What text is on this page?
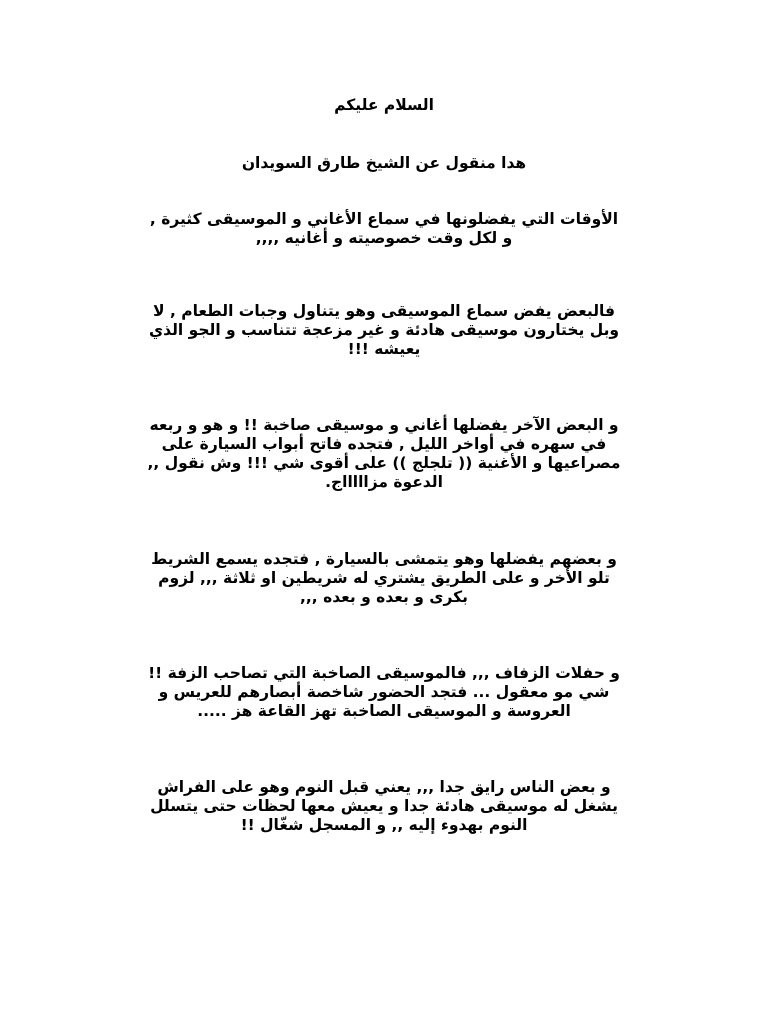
السلام عليكم

هدا منقول عن الشيخ طارق السويدان

الأوقات التي يفضلونها في سماع الأغاني و الموسيقى كثيرة ,
و لكل وقت خصوصيته و أغانيه ,,,,

فالبعض يفض سماع الموسيقى وهو يتناول وجبات الطعام , لا
وبل يختارون موسيقى هادئة و غير مزعجة تتناسب و الجو الذي
يعيشه !!!

و البعض الآخر يفضلها أغاني و موسيقى صاخبة !! و هو و ربعه
في سهره في أواخر الليل , فتجده فاتح أبواب السيارة على
مصراعيها و الأغنية (( تلجلج )) على أقوى شي !!! وش نقول ,,
الدعوة مزاااااج.

و بعضهم يفضلها وهو يتمشى بالسيارة , فتجده يسمع الشريط
تلو الأخر و على الطريق يشتري له شريطين او ثلاثة ,,, لزوم
بكرى و بعده و بعده ,,,

و حفلات الزفاف ,,, فالموسيقى الصاخبة التي تصاحب الزفة !!
شي مو معقول ... فتجد الحضور شاخصة أبصارهم للعريس و
العروسة و الموسيقى الصاخبة تهز القاعة هز .....

و بعض الناس رايق جدا ,,, يعني قبل النوم وهو على الفراش
يشغل له موسيقى هادئة جدا و يعيش معها لحظات حتى يتسلل
النوم بهدوء إليه ,, و المسجل شغّال !!
